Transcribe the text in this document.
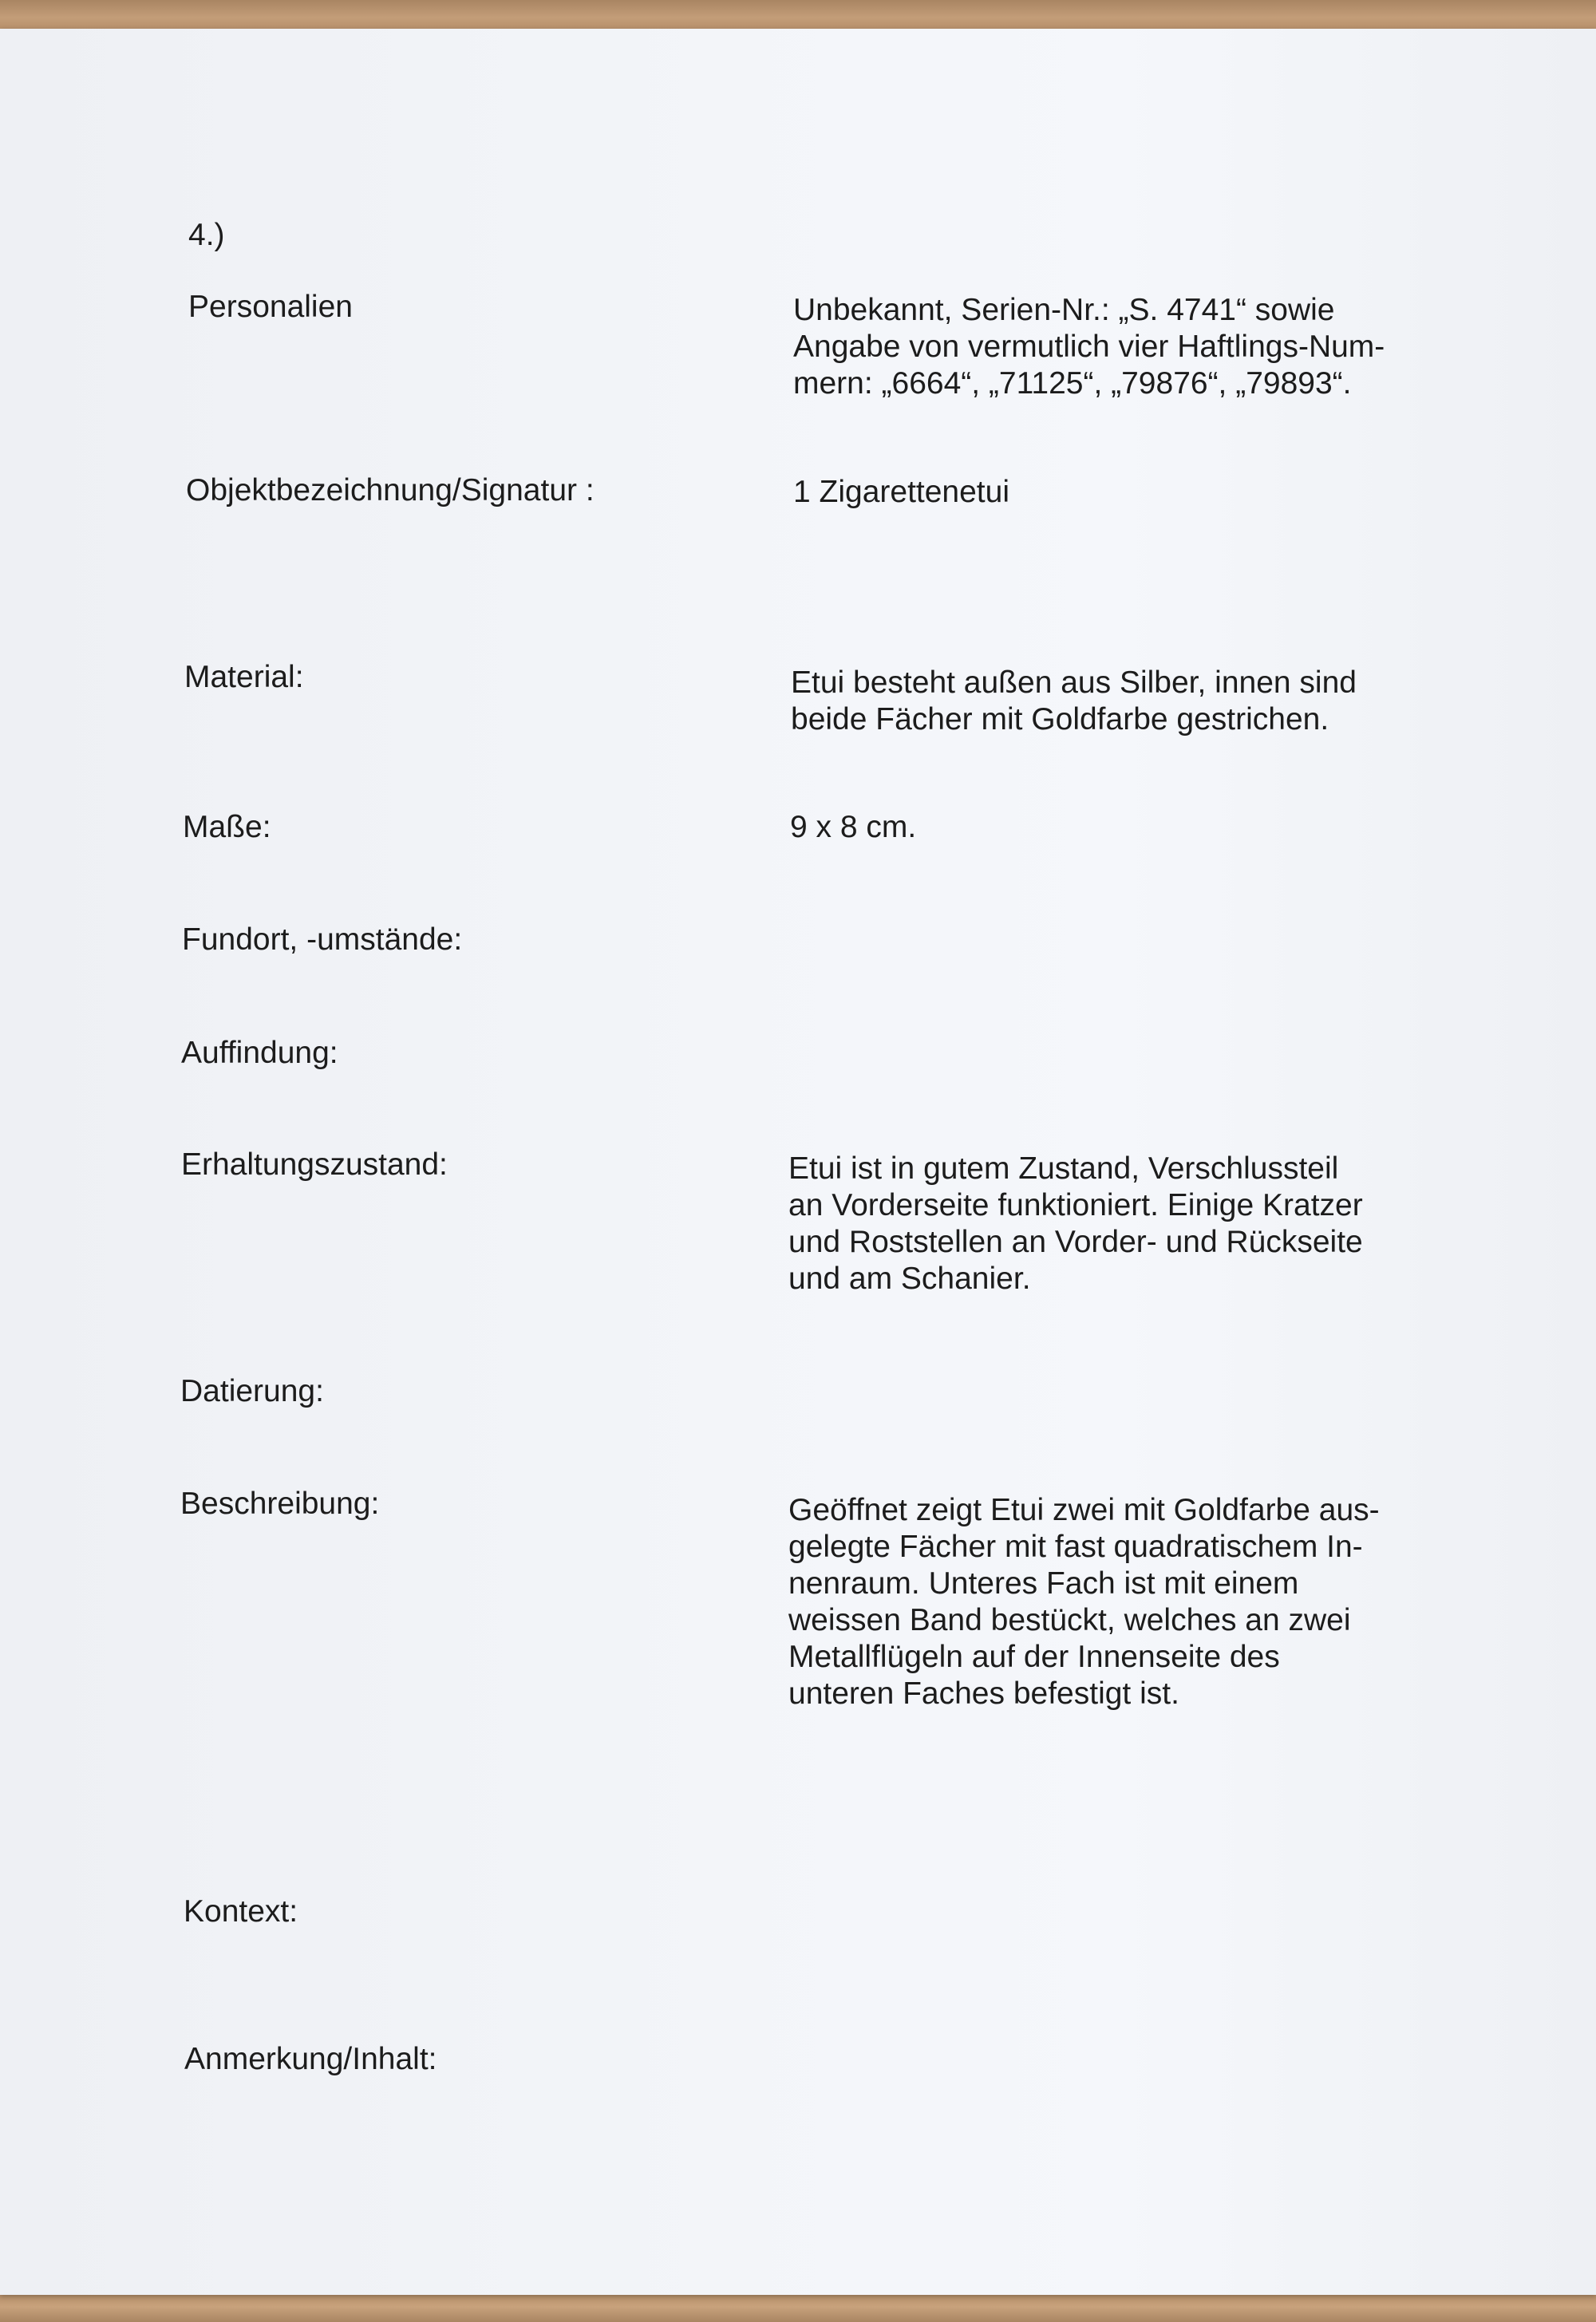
4.)
Personalien	Unbekannt, Serien-Nr.: „S. 4741“ sowie
Angabe von vermutlich vier Haftlings-Num-
mern: „6664“, „71125“, „79876“, „79893“.
Objektbezeichnung/Signatur :	1 Zigarettenetui
Material:	Etui besteht außen aus Silber, innen sind
beide Fächer mit Goldfarbe gestrichen.
Maße:	9 x 8 cm.
Fundort, -umstände:
Auffindung:
Erhaltungszustand:	Etui ist in gutem Zustand, Verschlussteil
an Vorderseite funktioniert. Einige Kratzer
und Roststellen an Vorder- und Rückseite
und am Schanier.
Datierung:
Beschreibung:	Geöffnet zeigt Etui zwei mit Goldfarbe aus-
gelegte Fächer mit fast quadratischem In-
nenraum. Unteres Fach ist mit einem
weissen Band bestückt, welches an zwei
Metallflügeln auf der Innenseite des
unteren Faches befestigt ist.
Kontext:
Anmerkung/Inhalt:
